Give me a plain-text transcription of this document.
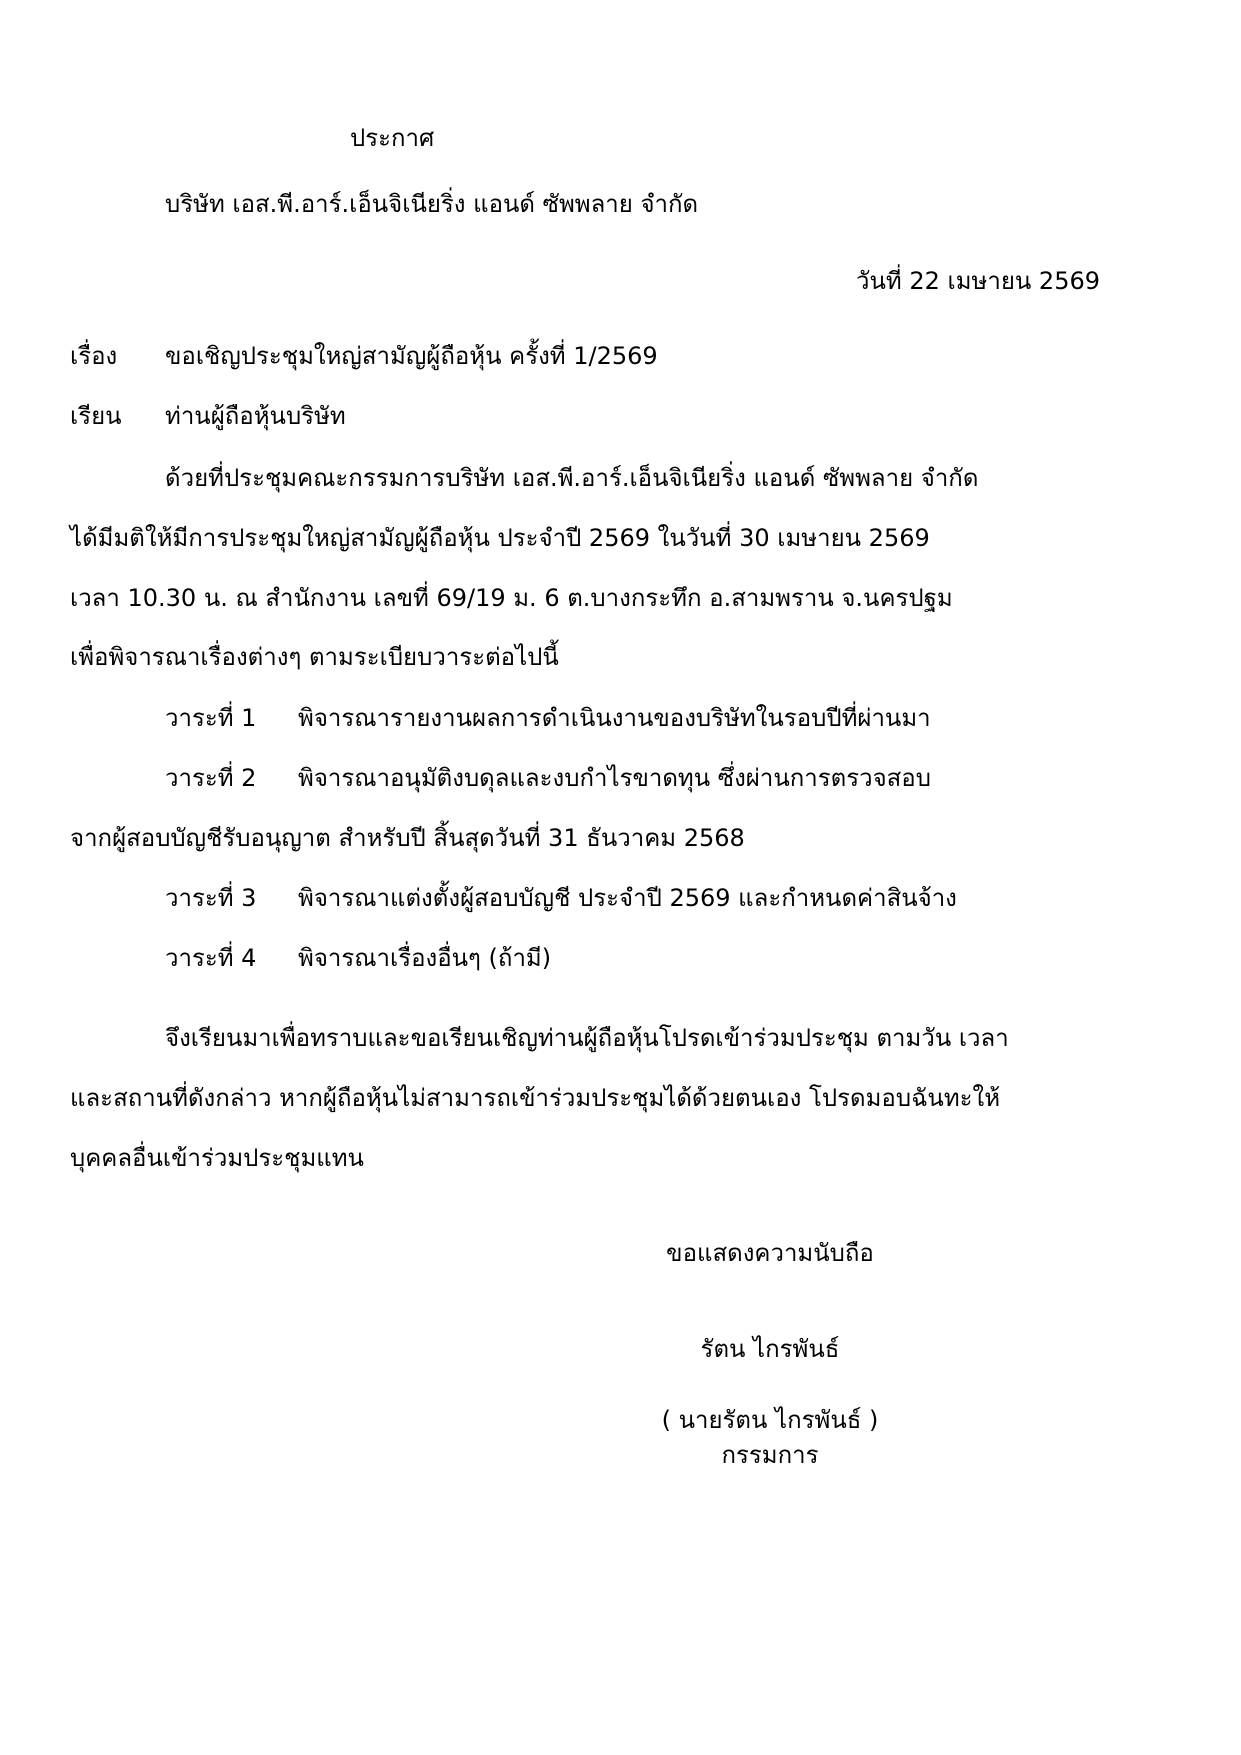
ประกาศ
บริษัท เอส.พี.อาร์.เอ็นจิเนียริ่ง แอนด์ ซัพพลาย จำกัด
วันที่ 22 เมษายน 2569
เรื่อง ขอเชิญประชุมใหญ่สามัญผู้ถือหุ้น ครั้งที่ 1/2569
เรียน ท่านผู้ถือหุ้นบริษัท
ด้วยที่ประชุมคณะกรรมการบริษัท เอส.พี.อาร์.เอ็นจิเนียริ่ง แอนด์ ซัพพลาย จำกัด
ได้มีมติให้มีการประชุมใหญ่สามัญผู้ถือหุ้น ประจำปี 2569 ในวันที่ 30 เมษายน 2569
เวลา 10.30 น. ณ สำนักงาน เลขที่ 69/19 ม. 6 ต.บางกระทึก อ.สามพราน จ.นครปฐม
เพื่อพิจารณาเรื่องต่างๆ ตามระเบียบวาระต่อไปนี้
วาระที่ 1 พิจารณารายงานผลการดำเนินงานของบริษัทในรอบปีที่ผ่านมา
วาระที่ 2 พิจารณาอนุมัติงบดุลและงบกำไรขาดทุน ซึ่งผ่านการตรวจสอบ
จากผู้สอบบัญชีรับอนุญาต สำหรับปี สิ้นสุดวันที่ 31 ธันวาคม 2568
วาระที่ 3 พิจารณาแต่งตั้งผู้สอบบัญชี ประจำปี 2569 และกำหนดค่าสินจ้าง
วาระที่ 4 พิจารณาเรื่องอื่นๆ (ถ้ามี)
จึงเรียนมาเพื่อทราบและขอเรียนเชิญท่านผู้ถือหุ้นโปรดเข้าร่วมประชุม ตามวัน เวลา
และสถานที่ดังกล่าว หากผู้ถือหุ้นไม่สามารถเข้าร่วมประชุมได้ด้วยตนเอง โปรดมอบฉันทะให้
บุคคลอื่นเข้าร่วมประชุมแทน
ขอแสดงความนับถือ
รัตน ไกรพันธ์
( นายรัตน ไกรพันธ์ )
กรรมการ
